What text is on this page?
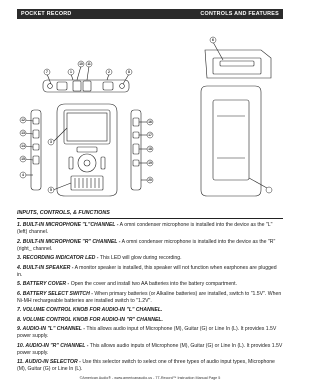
POCKET RECORD	CONTROLS AND FEATURES
1
10 11
2
7	8
6
12
13
14
15
4
16
17
18
19
20
3
5
INPUTS, CONTROLS, & FUNCTIONS

1. BUILT-IN MICROPHONE "L"CHANNEL - A omni condenser microphone is installed into the device as the "L" (left) channel.

2. BUILT-IN MICROPHONE "R" CHANNEL - A omni condenser microphone is installed into the device as the "R" (right_ channel.

3. RECORDING INDICATOR LED - This LED will glow during recording.

4. BUILT-IN SPEAKER - A monitor speaker is installed, this speaker will not function when earphones are plugged in.

5. BATTERY COVER - Open the cover and install two AA batteries into the battery compartment.

6. BATTERY SELECT SWITCH - When primary batteries (or Alkaline batteries) are installed, switch to "1.5V". When Ni-MH rechargeable batteries are installed switch to "1.2V".

7. VOLUME CONTROL KNOB FOR AUDIO-IN "L" CHANNEL.

8. VOLUME CONTROL KNOB FOR AUDIO-IN "R" CHANNEL.

9. AUDIO-IN "L" CHANNEL - This allows audio input of Microphone (M), Guitar (G) or Line In (L). It provides 1.5V power supply.

10. AUDIO-IN "R" CHANNEL - This allows audio inputs of Microphone (M), Guitar (G) or Line In (L). It provides 1.5V power supply.

11. AUDIO-IN SELECTOR - Use this selector switch to select one of three types of audio input types, Microphone (M), Guitar (G) or Line In (L).

©American Audio® - www.americanaudio.us - TT-Record™ Instruction Manual Page 5
